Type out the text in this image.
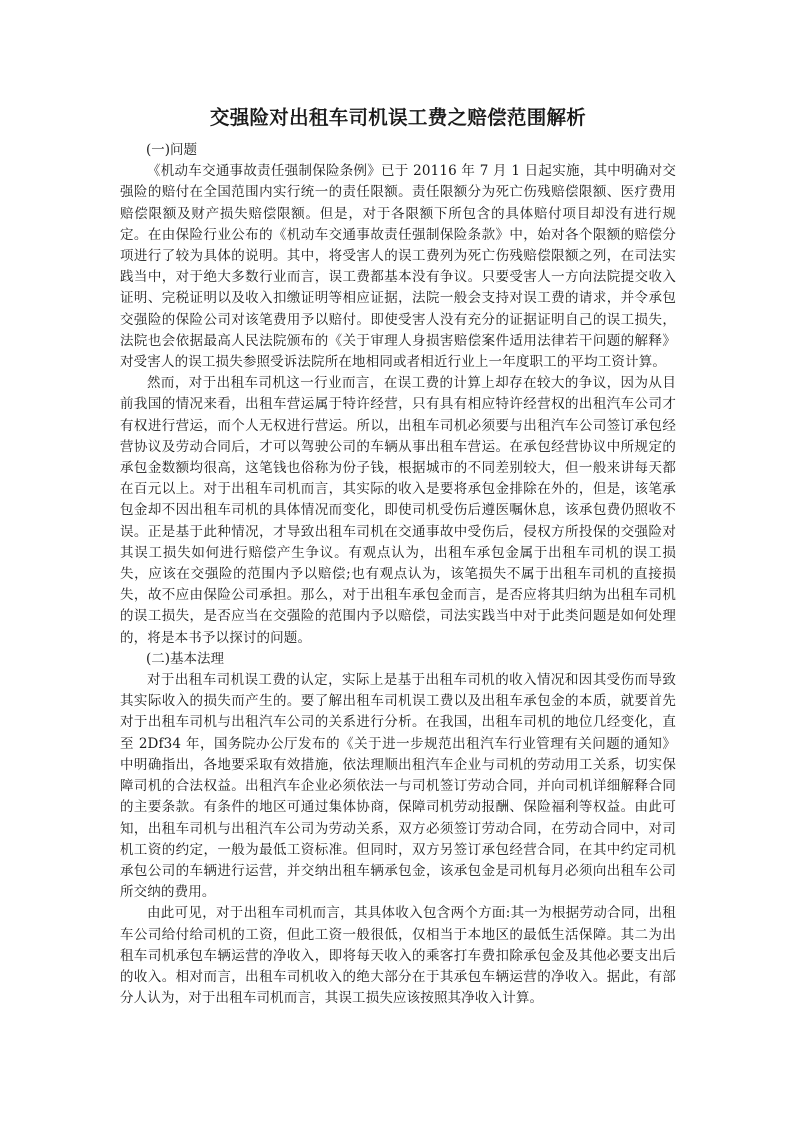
交强险对出租车司机误工费之赔偿范围解析

(一)问题

《机动车交通事故责任强制保险条例》已于 20116 年 7 月 1 日起实施，其中明确对交强险的赔付在全国范围内实行统一的责任限额。责任限额分为死亡伤残赔偿限额、医疗费用赔偿限额及财产损失赔偿限额。但是，对于各限额下所包含的具体赔付项目却没有进行规定。在由保险行业公布的《机动车交通事故责任强制保险条款》中，始对各个限额的赔偿分项进行了较为具体的说明。其中，将受害人的误工费列为死亡伤残赔偿限额之列，在司法实践当中，对于绝大多数行业而言，误工费都基本没有争议。只要受害人一方向法院提交收入证明、完税证明以及收入扣缴证明等相应证据，法院一般会支持对误工费的请求，并令承包交强险的保险公司对该笔费用予以赔付。即使受害人没有充分的证据证明自己的误工损失，法院也会依据最高人民法院颁布的《关于审理人身损害赔偿案件适用法律若干问题的解释》对受害人的误工损失参照受诉法院所在地相同或者相近行业上一年度职工的平均工资计算。

然而，对于出租车司机这一行业而言，在误工费的计算上却存在较大的争议，因为从目前我国的情况来看，出租车营运属于特许经营，只有具有相应特许经营权的出租汽车公司才有权进行营运，而个人无权进行营运。所以，出租车司机必须要与出租汽车公司签订承包经营协议及劳动合同后，才可以驾驶公司的车辆从事出租车营运。在承包经营协议中所规定的承包金数额均很高，这笔钱也俗称为份子钱，根据城市的不同差别较大，但一般来讲每天都在百元以上。对于出租车司机而言，其实际的收入是要将承包金排除在外的，但是，该笔承包金却不因出租车司机的具体情况而变化，即使司机受伤后遵医嘱休息，该承包费仍照收不误。正是基于此种情况，才导致出租车司机在交通事故中受伤后，侵权方所投保的交强险对其误工损失如何进行赔偿产生争议。有观点认为，出租车承包金属于出租车司机的误工损失，应该在交强险的范围内予以赔偿;也有观点认为，该笔损失不属于出租车司机的直接损失，故不应由保险公司承担。那么，对于出租车承包金而言，是否应将其归纳为出租车司机的误工损失，是否应当在交强险的范围内予以赔偿，司法实践当中对于此类问题是如何处理的，将是本书予以探讨的问题。

(二)基本法理

对于出租车司机误工费的认定，实际上是基于出租车司机的收入情况和因其受伤而导致其实际收入的损失而产生的。要了解出租车司机误工费以及出租车承包金的本质，就要首先对于出租车司机与出租汽车公司的关系进行分析。在我国，出租车司机的地位几经变化，直至 2Df34 年，国务院办公厅发布的《关于进一步规范出租汽车行业管理有关问题的通知》中明确指出，各地要采取有效措施，依法理顺出租汽车企业与司机的劳动用工关系，切实保障司机的合法权益。出租汽车企业必须依法一与司机签订劳动合同，并向司机详细解释合同的主要条款。有条件的地区可通过集体协商，保障司机劳动报酬、保险福利等权益。由此可知，出租车司机与出租汽车公司为劳动关系，双方必须签订劳动合同，在劳动合同中，对司机工资的约定，一般为最低工资标准。但同时，双方另签订承包经营合同，在其中约定司机承包公司的车辆进行运营，并交纳出租车辆承包金，该承包金是司机每月必须向出租车公司所交纳的费用。

由此可见，对于出租车司机而言，其具体收入包含两个方面:其一为根据劳动合同，出租车公司给付给司机的工资，但此工资一般很低，仅相当于本地区的最低生活保障。其二为出租车司机承包车辆运营的净收入，即将每天收入的乘客打车费扣除承包金及其他必要支出后的收入。相对而言，出租车司机收入的绝大部分在于其承包车辆运营的净收入。据此，有部分人认为，对于出租车司机而言，其误工损失应该按照其净收入计算。
